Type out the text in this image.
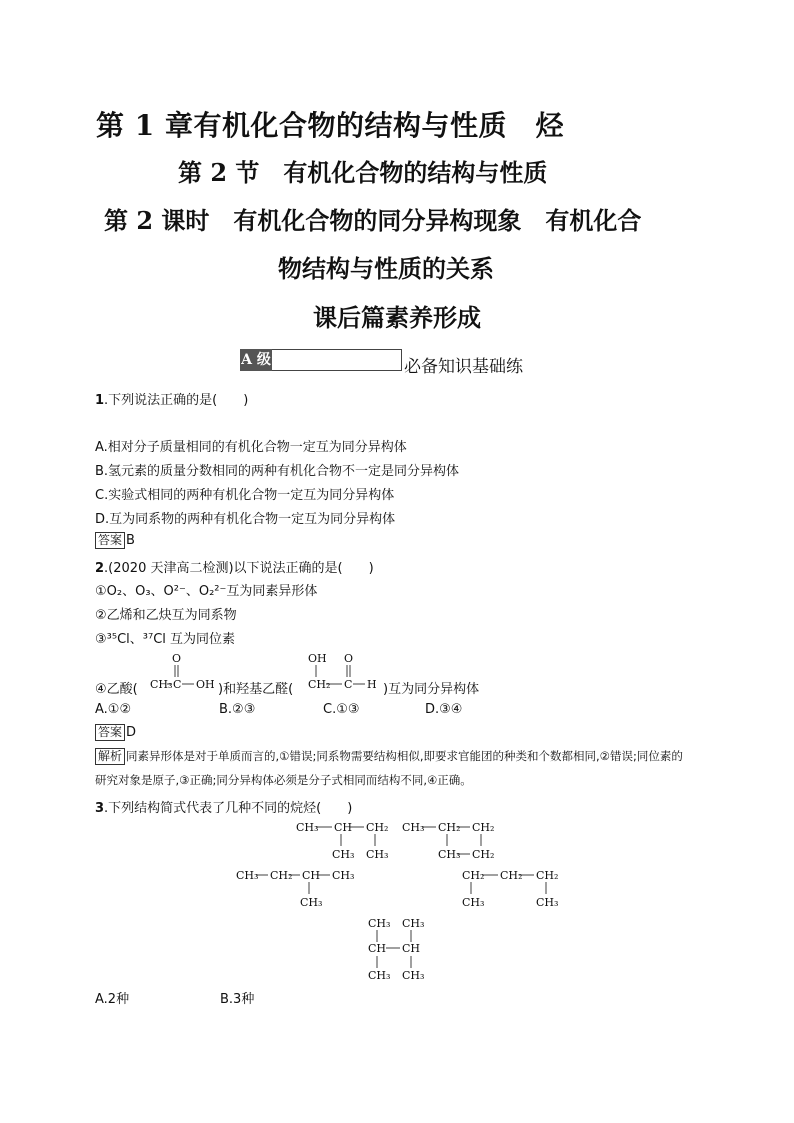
第 1 章有机化合物的结构与性质　烃
第 2 节　有机化合物的结构与性质
第 2 课时　有机化合物的同分异构现象　有机化合
物结构与性质的关系
课后篇素养形成
A 级	必备知识基础练
1.下列说法正确的是(　　)
A.相对分子质量相同的有机化合物一定互为同分异构体
B.氢元素的质量分数相同的两种有机化合物不一定是同分异构体
C.实验式相同的两种有机化合物一定互为同分异构体
D.互为同系物的两种有机化合物一定互为同分异构体
答案 B
2.(2020 天津高二检测)以下说法正确的是(　　)
①O₂、O₃、O²⁻、O₂²⁻互为同素异形体
②乙烯和乙炔互为同系物
③³⁵Cl、³⁷Cl 互为同位素
④乙酸(
O
CH₃ C OH )和羟基乙醛(
OH O
CH₂ C H )互为同分异构体
A.①②	B.②③	C.①③	D.③④
答案 D
解析 同素异形体是对于单质而言的,①错误;同系物需要结构相似,即要求官能团的种类和个数都相同,②错误;同位素的研究对象是原子,③正确;同分异构体必须是分子式相同而结构不同,④正确。
3.下列结构简式代表了几种不同的烷烃(　　)
CH₃ CH CH₂
CH₃ CH₃
CH₃ CH₂ CH₂
CH₃ CH₂
CH₃ CH₂ CH CH₃
CH₃
CH₂ CH₂ CH₂
CH₃	CH₃
CH₃ CH₃
CH CH
CH₃ CH₃
A.2种	B.3种
